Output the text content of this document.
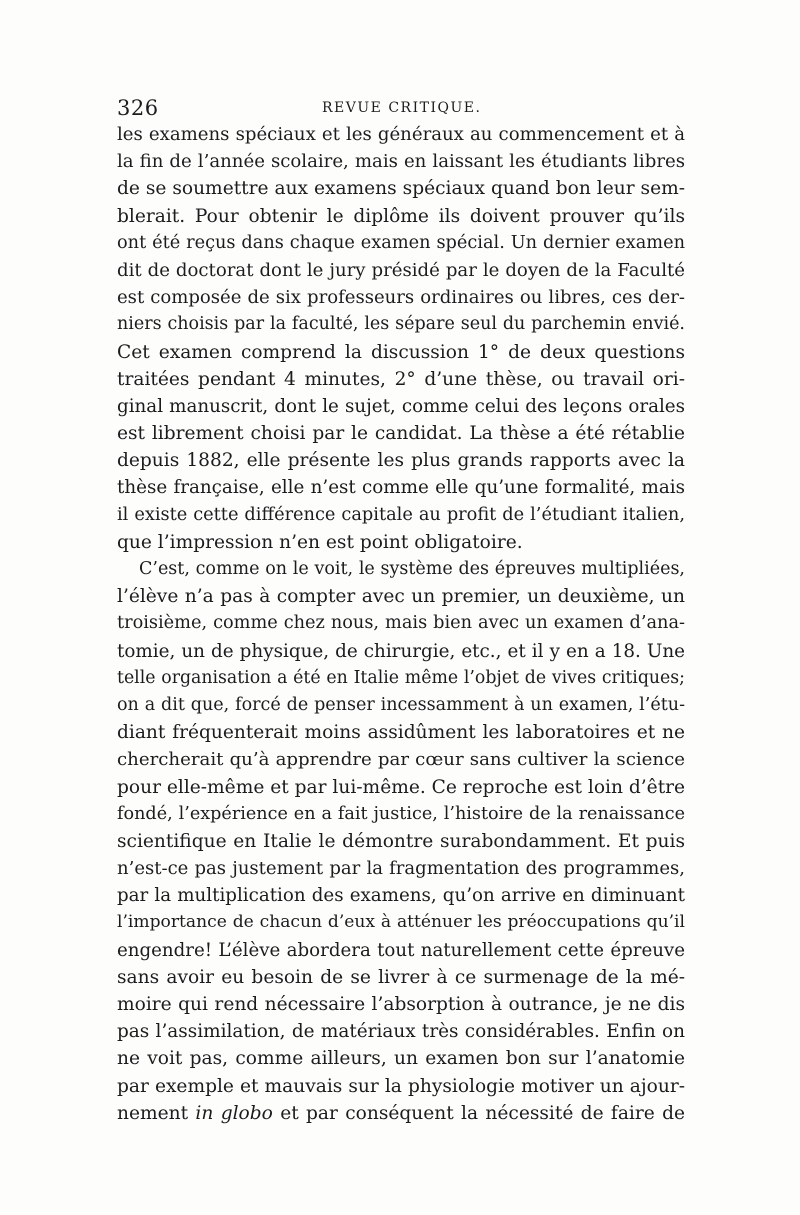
326	REVUE CRITIQUE.
les examens spéciaux et les généraux au commencement et à
la fin de l’année scolaire, mais en laissant les étudiants libres
de se soumettre aux examens spéciaux quand bon leur sem-
blerait. Pour obtenir le diplôme ils doivent prouver qu’ils
ont été reçus dans chaque examen spécial. Un dernier examen
dit de doctorat dont le jury présidé par le doyen de la Faculté
est composée de six professeurs ordinaires ou libres, ces der-
niers choisis par la faculté, les sépare seul du parchemin envié.
Cet examen comprend la discussion 1° de deux questions
traitées pendant 4 minutes, 2° d’une thèse, ou travail ori-
ginal manuscrit, dont le sujet, comme celui des leçons orales
est librement choisi par le candidat. La thèse a été rétablie
depuis 1882, elle présente les plus grands rapports avec la
thèse française, elle n’est comme elle qu’une formalité, mais
il existe cette différence capitale au profit de l’étudiant italien,
que l’impression n’en est point obligatoire.
C’est, comme on le voit, le système des épreuves multipliées,
l’élève n’a pas à compter avec un premier, un deuxième, un
troisième, comme chez nous, mais bien avec un examen d’ana-
tomie, un de physique, de chirurgie, etc., et il y en a 18. Une
telle organisation a été en Italie même l’objet de vives critiques;
on a dit que, forcé de penser incessamment à un examen, l’étu-
diant fréquenterait moins assidûment les laboratoires et ne
chercherait qu’à apprendre par cœur sans cultiver la science
pour elle-même et par lui-même. Ce reproche est loin d’être
fondé, l’expérience en a fait justice, l’histoire de la renaissance
scientifique en Italie le démontre surabondamment. Et puis
n’est-ce pas justement par la fragmentation des programmes,
par la multiplication des examens, qu’on arrive en diminuant
l’importance de chacun d’eux à atténuer les préoccupations qu’il
engendre! L’élève abordera tout naturellement cette épreuve
sans avoir eu besoin de se livrer à ce surmenage de la mé-
moire qui rend nécessaire l’absorption à outrance, je ne dis
pas l’assimilation, de matériaux très considérables. Enfin on
ne voit pas, comme ailleurs, un examen bon sur l’anatomie
par exemple et mauvais sur la physiologie motiver un ajour-
nement in globo et par conséquent la nécessité de faire de
